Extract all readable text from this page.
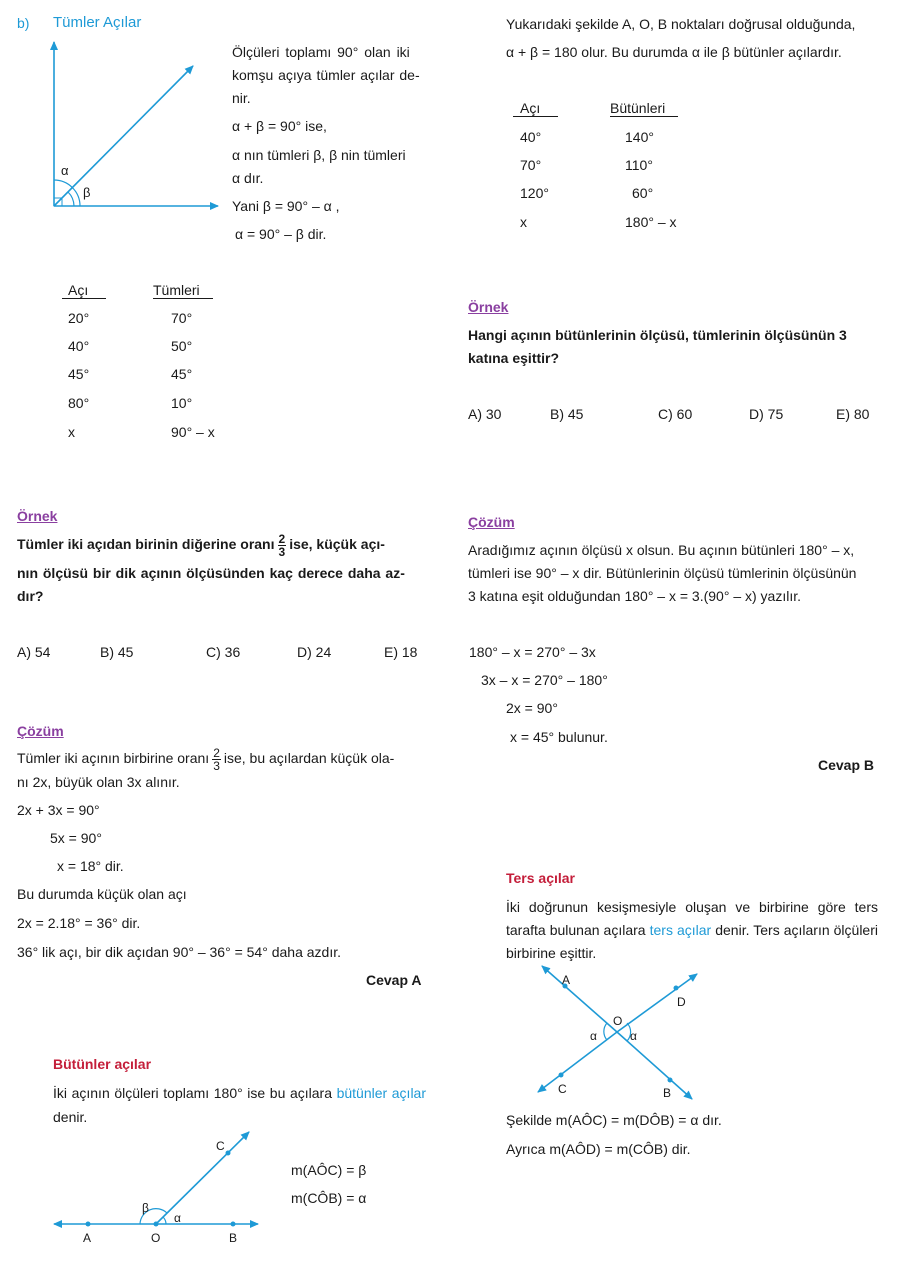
b) Tümler Açılar
α
β
Ölçüleri toplamı 90° olan iki
komşu açıya tümler açılar de-
nir.
α + β = 90° ise,
α nın tümleri β, β nin tümleri
α dır.
Yani β = 90° – α ,
α = 90° – β dir.
Açı	Tümleri
20°	70°
40°	50°
45°	45°
80°	10°
x	90° – x
Örnek
Tümler iki açıdan birinin diğerine oranı $\frac{2}{3}$ ise, küçük açı-
nın ölçüsü bir dik açının ölçüsünden kaç derece daha az-
dır?
A) 54	B) 45	C) 36	D) 24	E) 18
Çözüm
Tümler iki açının birbirine oranı $\frac{2}{3}$ ise, bu açılardan küçük ola-
nı 2x, büyük olan 3x alınır.
2x + 3x = 90°
5x = 90°
x = 18° dir.
Bu durumda küçük olan açı
2x = 2.18° = 36° dir.
36° lik açı, bir dik açıdan 90° – 36° = 54° daha azdır.
Cevap A
Bütünler açılar
İki açının ölçüleri toplamı 180° ise bu açılara bütünler açılar denir.
A	O	B
C
β
α
m(AÔC) = β
m(CÔB) = α
Yukarıdaki şekilde A, O, B noktaları doğrusal olduğunda,
α + β = 180 olur. Bu durumda α ile β bütünler açılardır.
Açı	Bütünleri
40°	140°
70°	110°
120°	60°
x	180° – x
Örnek
Hangi açının bütünlerinin ölçüsü, tümlerinin ölçüsünün 3
katına eşittir?
A) 30	B) 45	C) 60	D) 75	E) 80
Çözüm
Aradığımız açının ölçüsü x olsun. Bu açının bütünleri 180° – x,
tümleri ise 90° – x dir. Bütünlerinin ölçüsü tümlerinin ölçüsünün
3 katına eşit olduğundan 180° – x = 3.(90° – x) yazılır.
180° – x = 270° – 3x
3x – x = 270° – 180°
2x = 90°
x = 45° bulunur.
Cevap B
Ters açılar
İki doğrunun kesişmesiyle oluşan ve birbirine göre ters tarafta bulunan açılara ters açılar denir. Ters açıların ölçüleri birbirine eşittir.
A
D
C	B
O
α	α
Şekilde m(AÔC) = m(DÔB) = α dır.
Ayrıca m(AÔD) = m(CÔB) dir.
